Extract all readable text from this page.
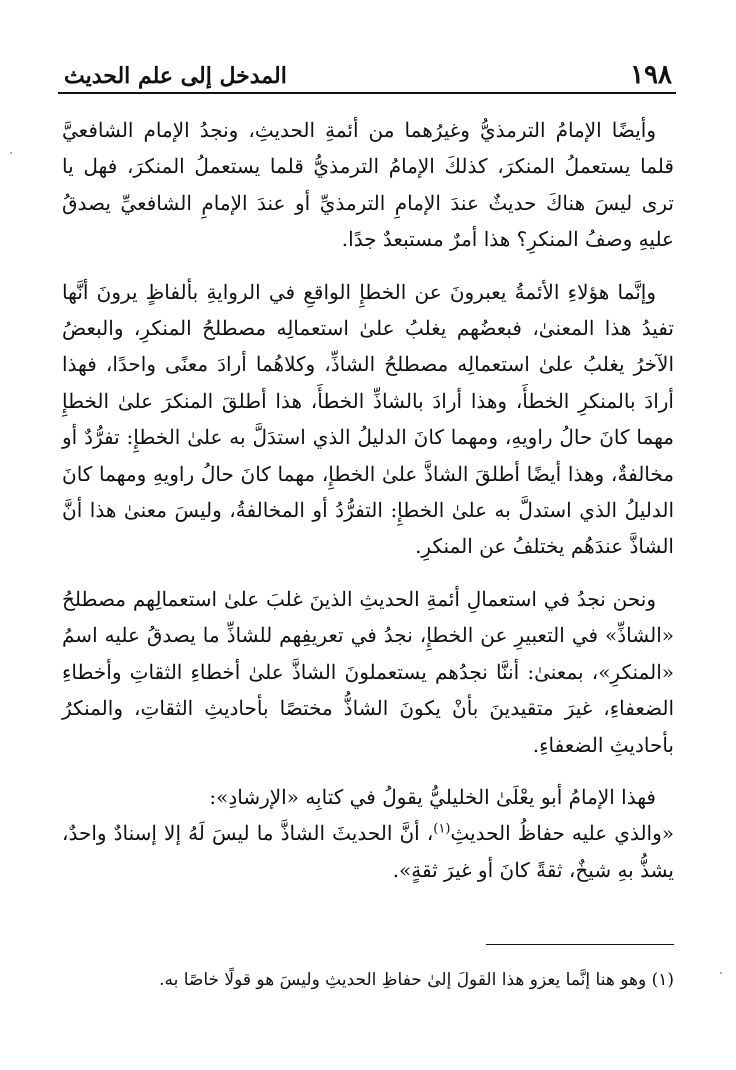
١٩٨
المدخل إلى علم الحديث

وأيضًا الإمامُ الترمذيُّ وغيرُهما من أئمةِ الحديثِ، ونجدُ الإمام الشافعيَّ قلما يستعملُ المنكرَ، كذلكَ الإمامُ الترمذيُّ قلما يستعملُ المنكرَ، فهل يا ترى ليسَ هناكَ حديثٌ عندَ الإمامِ الترمذيِّ أو عندَ الإمامِ الشافعيِّ يصدقُ عليهِ وصفُ المنكرِ؟ هذا أمرٌ مستبعدٌ جدًا.

وإنَّما هؤلاءِ الأئمةُ يعبرونَ عن الخطإِ الواقعِ في الروايةِ بألفاظٍ يرونَ أنَّها تفيدُ هذا المعنىٰ، فبعضُهم يغلبُ علىٰ استعمالِه مصطلحُ المنكرِ، والبعضُ الآخرُ يغلبُ علىٰ استعمالِه مصطلحُ الشاذِّ، وكلاهُما أرادَ معنًى واحدًا، فهذا أرادَ بالمنكرِ الخطأَ، وهذا أرادَ بالشاذِّ الخطأَ، هذا أطلقَ المنكرَ علىٰ الخطإِ مهما كانَ حالُ راويهِ، ومهما كانَ الدليلُ الذي استدَلَّ به علىٰ الخطإِ: تفرُّدٌ أو مخالفةٌ، وهذا أيضًا أطلقَ الشاذَّ علىٰ الخطإِ، مهما كانَ حالُ راويهِ ومهما كانَ الدليلُ الذي استدلَّ به علىٰ الخطإِ: التفرُّدُ أو المخالفةُ، وليسَ معنىٰ هذا أنَّ الشاذَّ عندَهُم يختلفُ عن المنكرِ.

ونحن نجدُ في استعمالِ أئمةِ الحديثِ الذينَ غلبَ علىٰ استعمالِهم مصطلحُ «الشاذِّ» في التعبيرِ عن الخطإِ، نجدُ في تعريفِهم للشاذِّ ما يصدقُ عليه اسمُ «المنكرِ»، بمعنىٰ: أننَّا نجدُهم يستعملونَ الشاذَّ علىٰ أخطاءِ الثقاتِ وأخطاءِ الضعفاءِ، غيرَ متقيدينَ بأنْ يكونَ الشاذُّ مختصًا بأحاديثِ الثقاتِ، والمنكرُ بأحاديثِ الضعفاءِ.

فهذا الإمامُ أبو يعْلَىٰ الخليليُّ يقولُ في كتابِه «الإرشادِ»:

«والذي عليه حفاظُ الحديثِ$^{(١)}$، أنَّ الحديثَ الشاذَّ ما ليسَ لَهُ إلا إسنادٌ واحدٌ، يشذُّ بهِ شيخٌ، ثقةً كانَ أو غيرَ ثقةٍ».

(١) وهو هنا إنَّما يعزو هذا القولَ إلىٰ حفاظِ الحديثِ وليسَ هو قولًا خاصًا به.
